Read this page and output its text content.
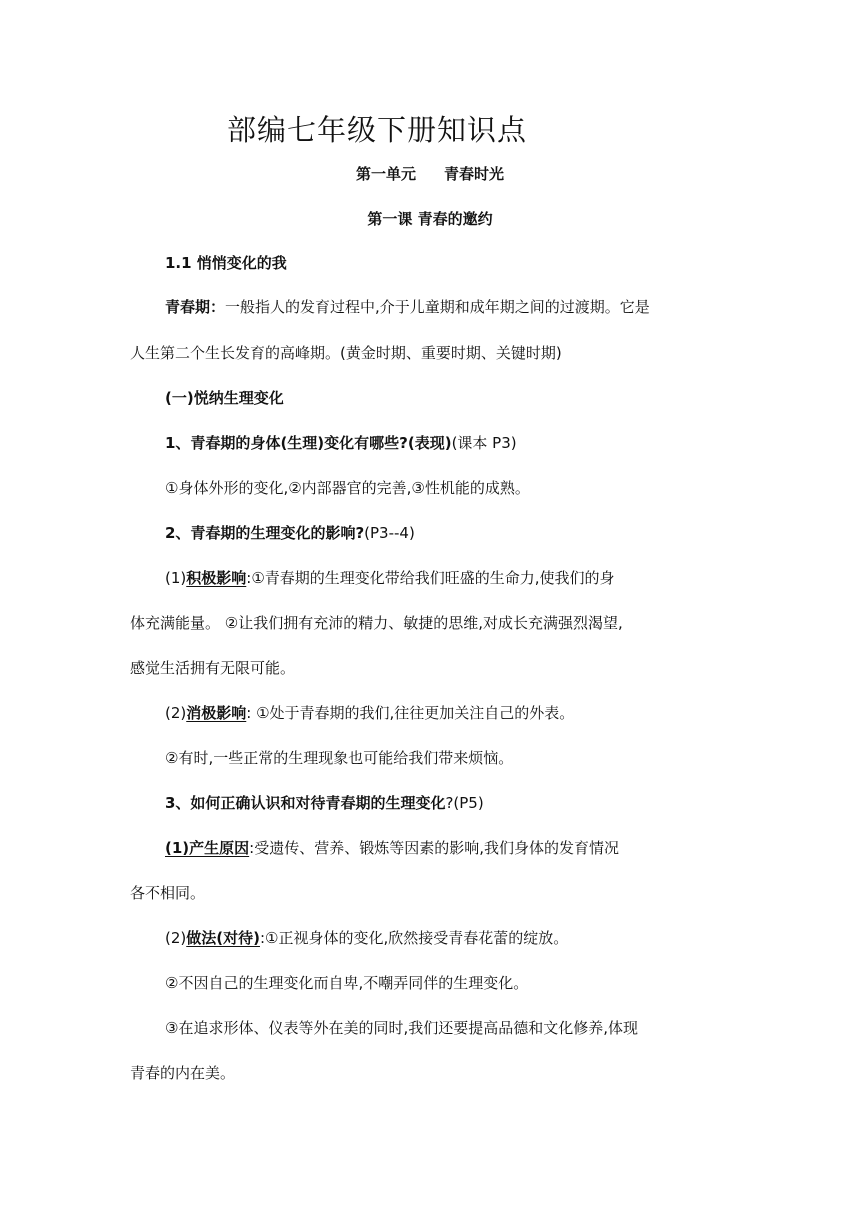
部编七年级下册知识点
第一单元 青春时光
第一课 青春的邀约
1.1 悄悄变化的我
青春期：一般指人的发育过程中,介于儿童期和成年期之间的过渡期。它是
人生第二个生长发育的高峰期。(黄金时期、重要时期、关键时期)
(一)悦纳生理变化
1、青春期的身体(生理)变化有哪些?(表现)(课本 P3)
①身体外形的变化,②内部器官的完善,③性机能的成熟。
2、青春期的生理变化的影响?(P3--4)
(1)积极影响:①青春期的生理变化带给我们旺盛的生命力,使我们的身
体充满能量。 ②让我们拥有充沛的精力、敏捷的思维,对成长充满强烈渴望,
感觉生活拥有无限可能。
(2)消极影响: ①处于青春期的我们,往往更加关注自己的外表。
②有时,一些正常的生理现象也可能给我们带来烦恼。
3、如何正确认识和对待青春期的生理变化?(P5)
(1)产生原因:受遗传、营养、锻炼等因素的影响,我们身体的发育情况
各不相同。
(2)做法(对待):①正视身体的变化,欣然接受青春花蕾的绽放。
②不因自己的生理变化而自卑,不嘲弄同伴的生理变化。
③在追求形体、仪表等外在美的同时,我们还要提高品德和文化修养,体现
青春的内在美。
